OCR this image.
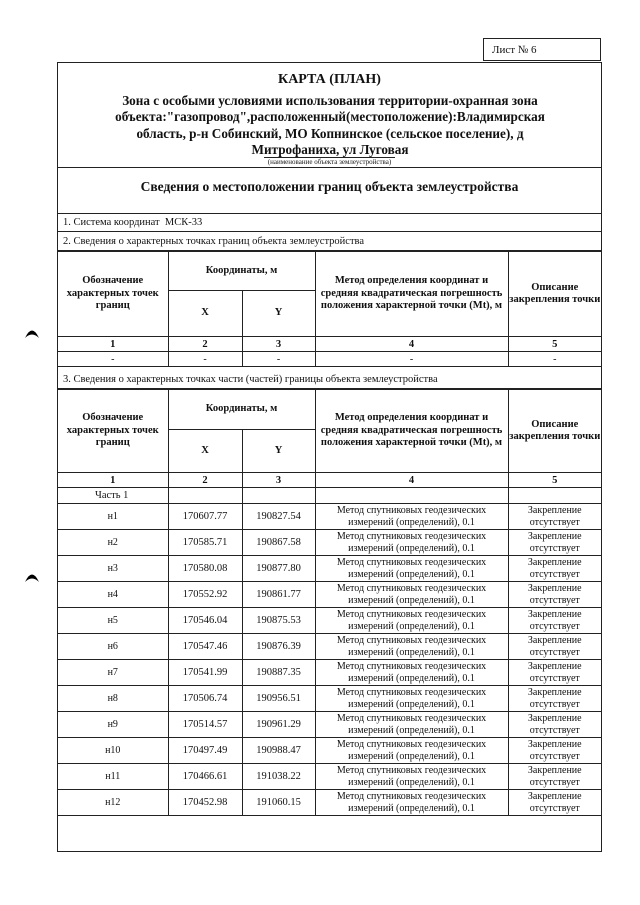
Лист № 6
КАРТА (ПЛАН)
Зона с особыми условиями использования территории-охранная зона объекта:"газопровод",расположенный(местоположение):Владимирская область, р-н Собинский, МО Копнинское (сельское поселение), д Митрофаниха, ул Луговая
(наименование объекта землеустройства)
Сведения о местоположении границ объекта землеустройства
1. Система координат МСК-33
2. Сведения о характерных точках границ объекта землеустройства
Обозначение характерных точек границ	Координаты, м		Метод определения координат и средняя квадратическая погрешность положения характерной точки (Mt), м	Описание закрепления точки
	X	Y		
1	2	3	4	5
-	-	-	-	-
3. Сведения о характерных точках части (частей) границы объекта землеустройства
Обозначение характерных точек границ	Координаты, м		Метод определения координат и средняя квадратическая погрешность положения характерной точки (Mt), м	Описание закрепления точки
	X	Y		
1	2	3	4	5
Часть 1				
н1	170607.77	190827.54	Метод спутниковых геодезических измерений (определений), 0.1	Закрепление отсутствует
н2	170585.71	190867.58	Метод спутниковых геодезических измерений (определений), 0.1	Закрепление отсутствует
н3	170580.08	190877.80	Метод спутниковых геодезических измерений (определений), 0.1	Закрепление отсутствует
н4	170552.92	190861.77	Метод спутниковых геодезических измерений (определений), 0.1	Закрепление отсутствует
н5	170546.04	190875.53	Метод спутниковых геодезических измерений (определений), 0.1	Закрепление отсутствует
н6	170547.46	190876.39	Метод спутниковых геодезических измерений (определений), 0.1	Закрепление отсутствует
н7	170541.99	190887.35	Метод спутниковых геодезических измерений (определений), 0.1	Закрепление отсутствует
н8	170506.74	190956.51	Метод спутниковых геодезических измерений (определений), 0.1	Закрепление отсутствует
н9	170514.57	190961.29	Метод спутниковых геодезических измерений (определений), 0.1	Закрепление отсутствует
н10	170497.49	190988.47	Метод спутниковых геодезических измерений (определений), 0.1	Закрепление отсутствует
н11	170466.61	191038.22	Метод спутниковых геодезических измерений (определений), 0.1	Закрепление отсутствует
н12	170452.98	191060.15	Метод спутниковых геодезических измерений (определений), 0.1	Закрепление отсутствует
